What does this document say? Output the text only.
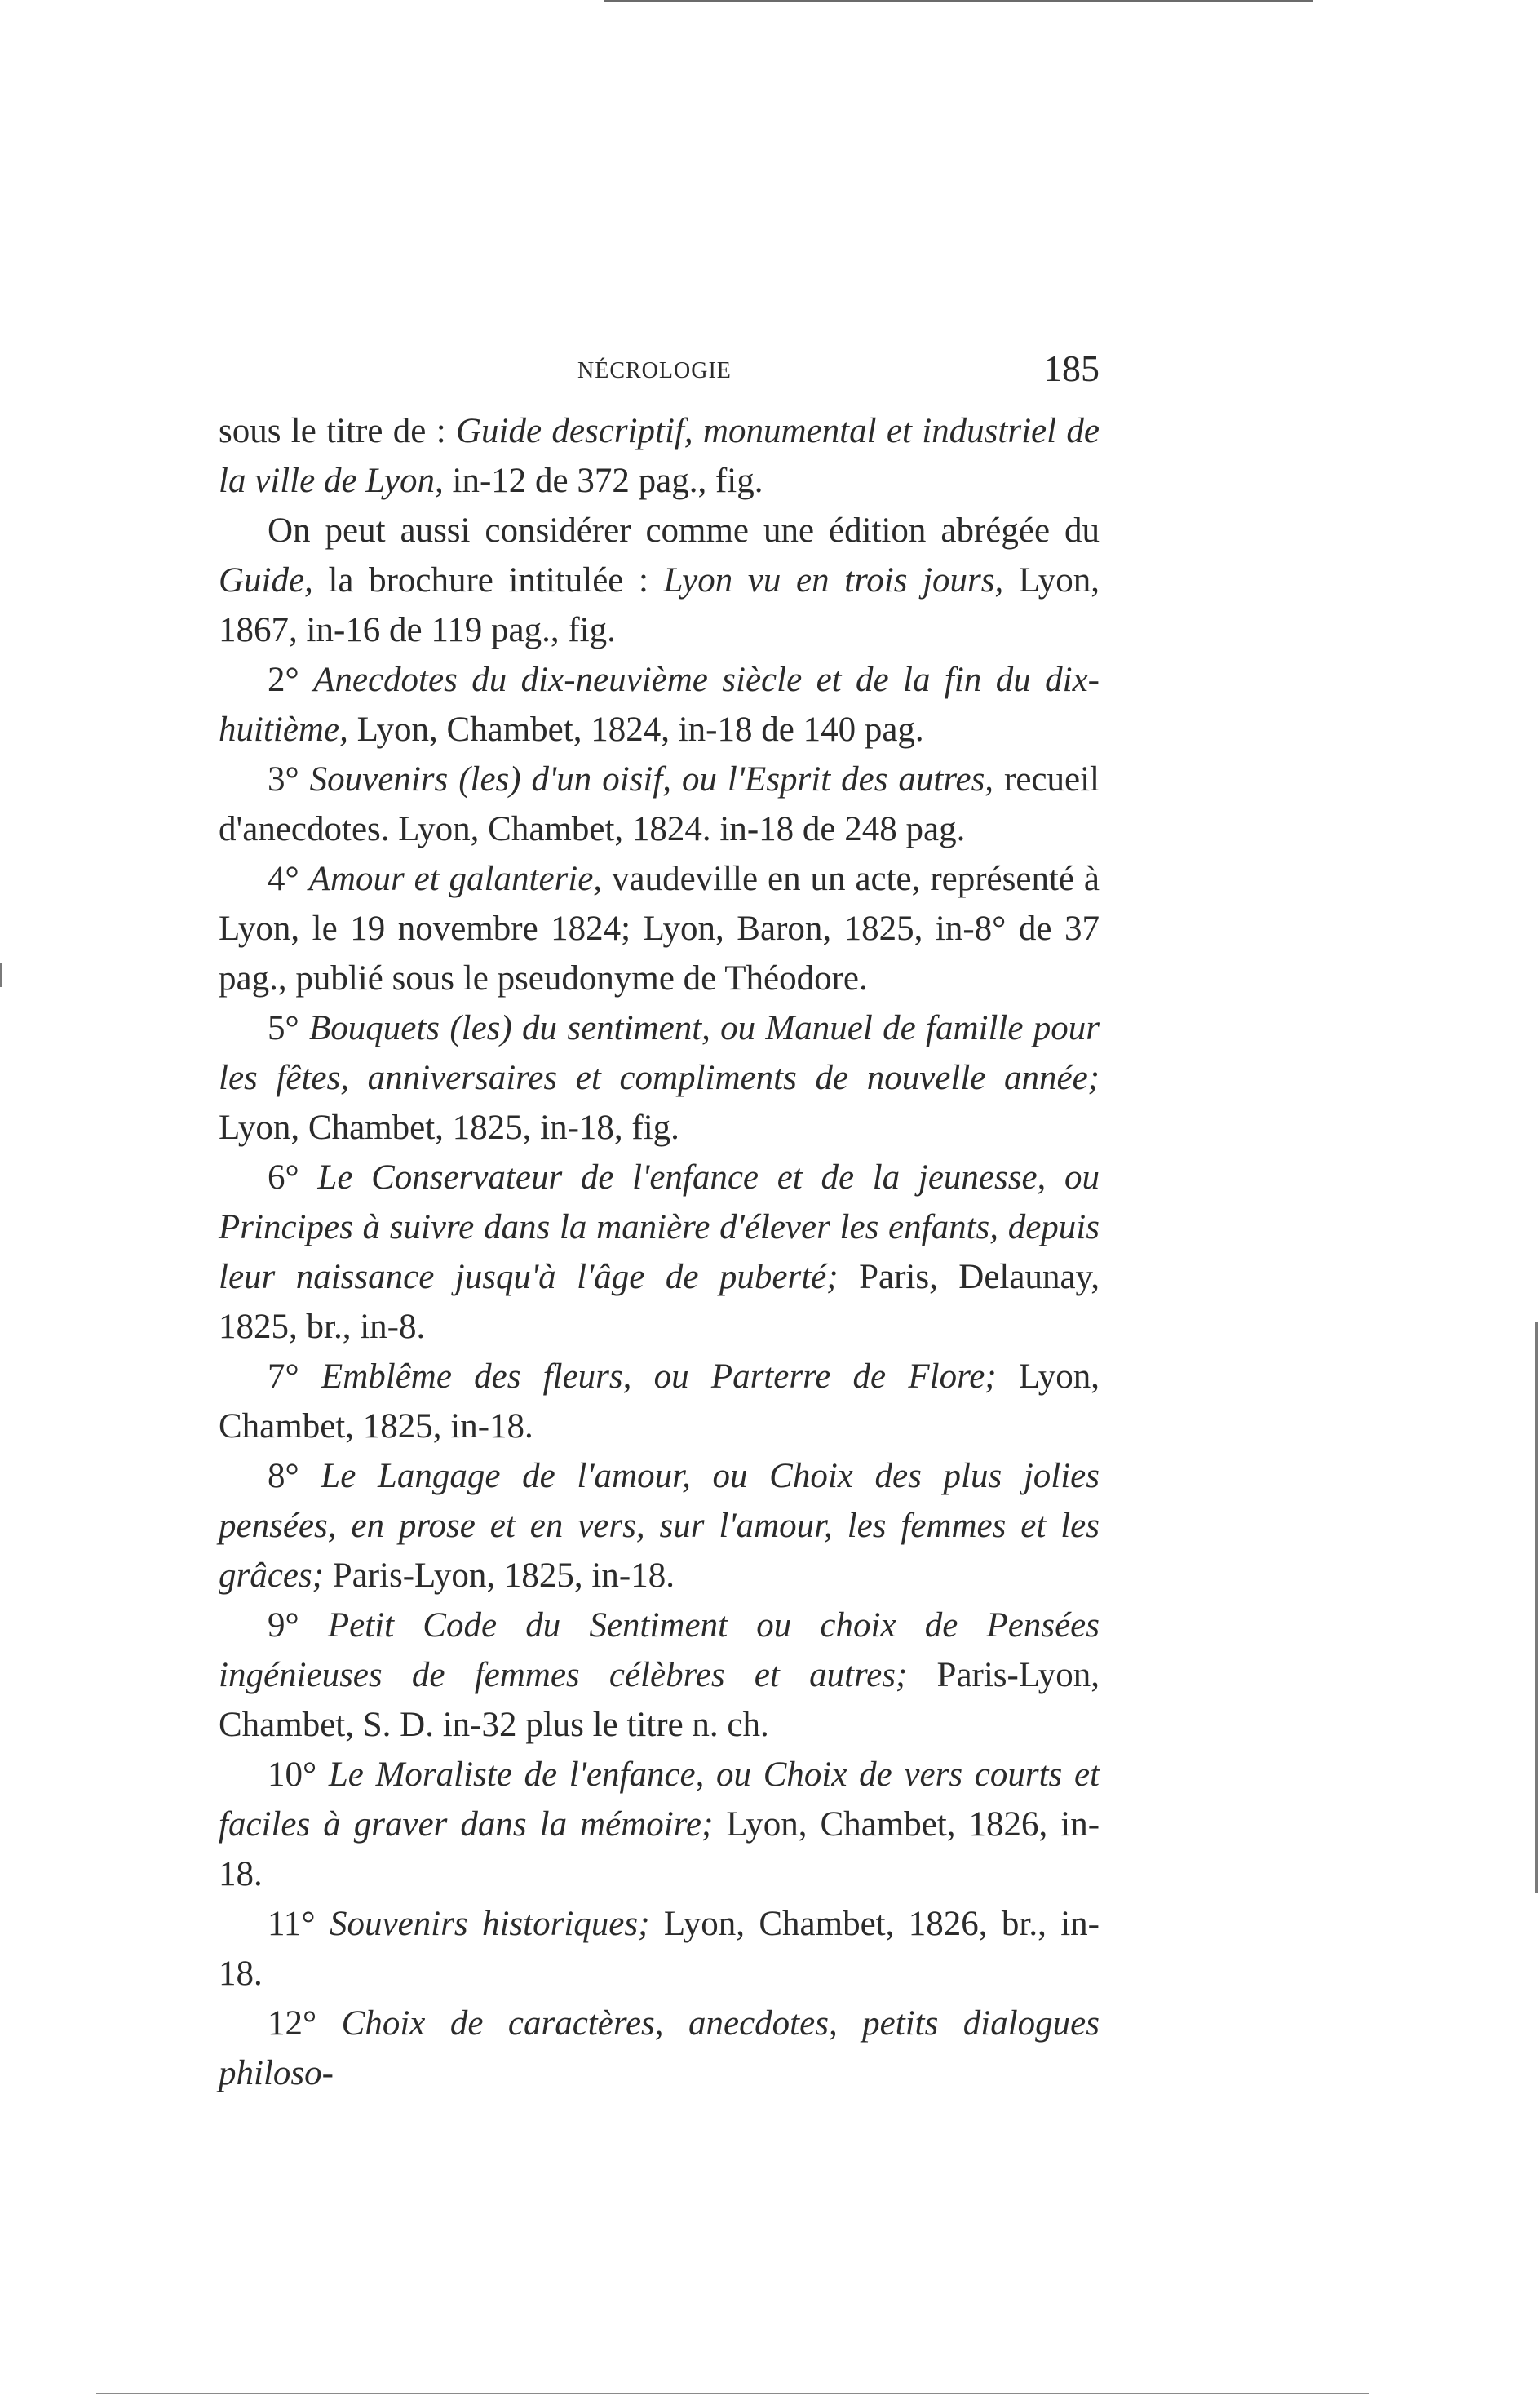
NÉCROLOGIE	185

sous le titre de : Guide descriptif, monumental et industriel de la ville de Lyon, in-12 de 372 pag., fig.

On peut aussi considérer comme une édition abrégée du Guide, la brochure intitulée : Lyon vu en trois jours, Lyon, 1867, in-16 de 119 pag., fig.

2° Anecdotes du dix-neuvième siècle et de la fin du dix-huitième, Lyon, Chambet, 1824, in-18 de 140 pag.

3° Souvenirs (les) d'un oisif, ou l'Esprit des autres, recueil d'anecdotes. Lyon, Chambet, 1824. in-18 de 248 pag.

4° Amour et galanterie, vaudeville en un acte, représenté à Lyon, le 19 novembre 1824; Lyon, Baron, 1825, in-8° de 37 pag., publié sous le pseudonyme de Théodore.

5° Bouquets (les) du sentiment, ou Manuel de famille pour les fêtes, anniversaires et compliments de nouvelle année; Lyon, Chambet, 1825, in-18, fig.

6° Le Conservateur de l'enfance et de la jeunesse, ou Principes à suivre dans la manière d'élever les enfants, depuis leur naissance jusqu'à l'âge de puberté; Paris, Delaunay, 1825, br., in-8.

7° Emblême des fleurs, ou Parterre de Flore; Lyon, Chambet, 1825, in-18.

8° Le Langage de l'amour, ou Choix des plus jolies pensées, en prose et en vers, sur l'amour, les femmes et les grâces; Paris-Lyon, 1825, in-18.

9° Petit Code du Sentiment ou choix de Pensées ingénieuses de femmes célèbres et autres; Paris-Lyon, Chambet, S. D. in-32 plus le titre n. ch.

10° Le Moraliste de l'enfance, ou Choix de vers courts et faciles à graver dans la mémoire; Lyon, Chambet, 1826, in-18.

11° Souvenirs historiques; Lyon, Chambet, 1826, br., in-18.

12° Choix de caractères, anecdotes, petits dialogues philoso-
